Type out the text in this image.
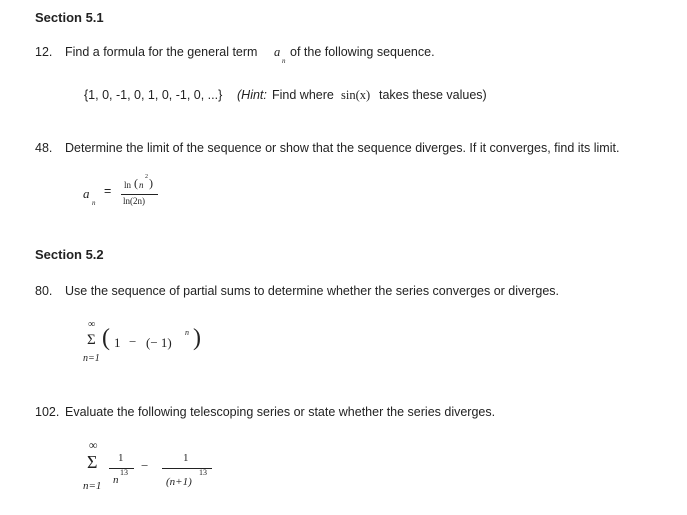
Section 5.1
12. Find a formula for the general term a
n
of the following sequence.
{1, 0, -1, 0, 1, 0, -1, 0, ...} (Hint: Find where sin(x) takes these values)
48. Determine the limit of the sequence or show that the sequence diverges. If it converges, find its limit.
a
n
= ln ( n
2 )
ln(2n)
Section 5.2
80. Use the sequence of partial sums to determine whether the series converges or diverges.
∞
Σ
n=1
( 1 − (− 1)
n )
102. Evaluate the following telescoping series or state whether the series diverges.
∞
Σ
n=1
1
n
13 −	1
(n+1)
13
